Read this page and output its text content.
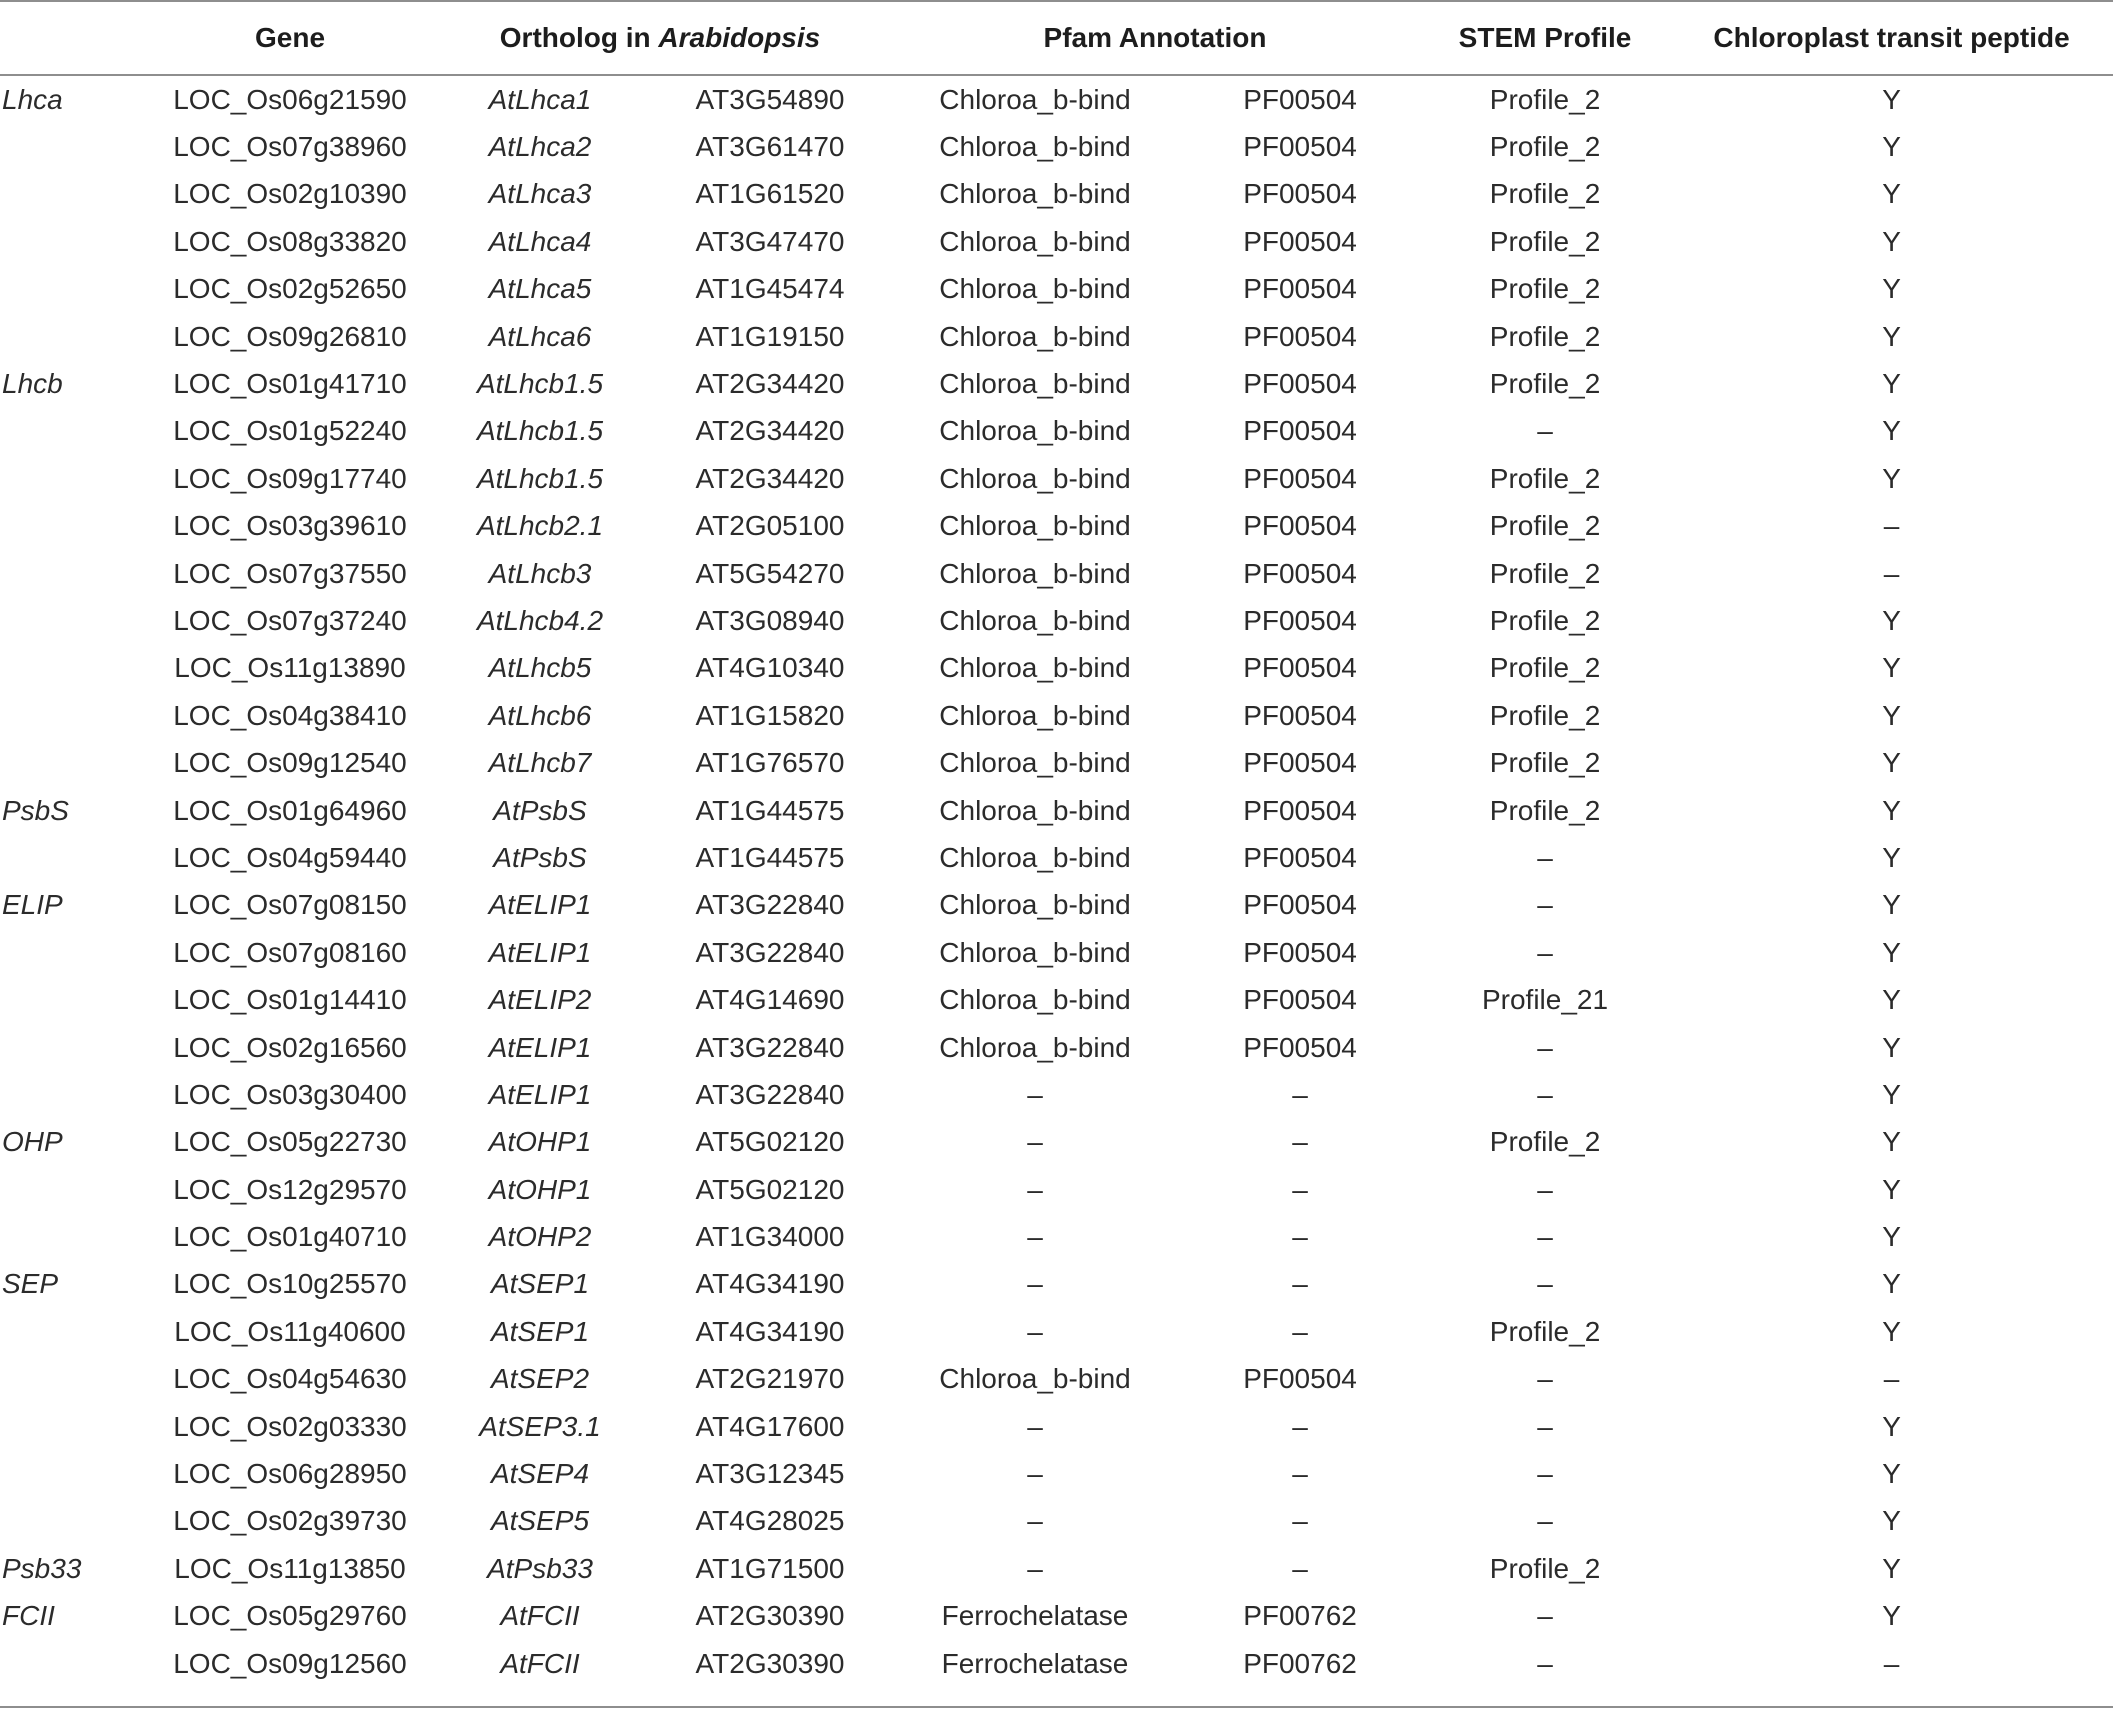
	Gene	Ortholog in Arabidopsis		Pfam Annotation		STEM Profile	Chloroplast transit peptide
Lhca	LOC_Os06g21590	AtLhca1	AT3G54890	Chloroa_b-bind	PF00504	Profile_2	Y
	LOC_Os07g38960	AtLhca2	AT3G61470	Chloroa_b-bind	PF00504	Profile_2	Y
	LOC_Os02g10390	AtLhca3	AT1G61520	Chloroa_b-bind	PF00504	Profile_2	Y
	LOC_Os08g33820	AtLhca4	AT3G47470	Chloroa_b-bind	PF00504	Profile_2	Y
	LOC_Os02g52650	AtLhca5	AT1G45474	Chloroa_b-bind	PF00504	Profile_2	Y
	LOC_Os09g26810	AtLhca6	AT1G19150	Chloroa_b-bind	PF00504	Profile_2	Y
Lhcb	LOC_Os01g41710	AtLhcb1.5	AT2G34420	Chloroa_b-bind	PF00504	Profile_2	Y
	LOC_Os01g52240	AtLhcb1.5	AT2G34420	Chloroa_b-bind	PF00504	–	Y
	LOC_Os09g17740	AtLhcb1.5	AT2G34420	Chloroa_b-bind	PF00504	Profile_2	Y
	LOC_Os03g39610	AtLhcb2.1	AT2G05100	Chloroa_b-bind	PF00504	Profile_2	–
	LOC_Os07g37550	AtLhcb3	AT5G54270	Chloroa_b-bind	PF00504	Profile_2	–
	LOC_Os07g37240	AtLhcb4.2	AT3G08940	Chloroa_b-bind	PF00504	Profile_2	Y
	LOC_Os11g13890	AtLhcb5	AT4G10340	Chloroa_b-bind	PF00504	Profile_2	Y
	LOC_Os04g38410	AtLhcb6	AT1G15820	Chloroa_b-bind	PF00504	Profile_2	Y
	LOC_Os09g12540	AtLhcb7	AT1G76570	Chloroa_b-bind	PF00504	Profile_2	Y
PsbS	LOC_Os01g64960	AtPsbS	AT1G44575	Chloroa_b-bind	PF00504	Profile_2	Y
	LOC_Os04g59440	AtPsbS	AT1G44575	Chloroa_b-bind	PF00504	–	Y
ELIP	LOC_Os07g08150	AtELIP1	AT3G22840	Chloroa_b-bind	PF00504	–	Y
	LOC_Os07g08160	AtELIP1	AT3G22840	Chloroa_b-bind	PF00504	–	Y
	LOC_Os01g14410	AtELIP2	AT4G14690	Chloroa_b-bind	PF00504	Profile_21	Y
	LOC_Os02g16560	AtELIP1	AT3G22840	Chloroa_b-bind	PF00504	–	Y
	LOC_Os03g30400	AtELIP1	AT3G22840	–	–	–	Y
OHP	LOC_Os05g22730	AtOHP1	AT5G02120	–	–	Profile_2	Y
	LOC_Os12g29570	AtOHP1	AT5G02120	–	–	–	Y
	LOC_Os01g40710	AtOHP2	AT1G34000	–	–	–	Y
SEP	LOC_Os10g25570	AtSEP1	AT4G34190	–	–	–	Y
	LOC_Os11g40600	AtSEP1	AT4G34190	–	–	Profile_2	Y
	LOC_Os04g54630	AtSEP2	AT2G21970	Chloroa_b-bind	PF00504	–	–
	LOC_Os02g03330	AtSEP3.1	AT4G17600	–	–	–	Y
	LOC_Os06g28950	AtSEP4	AT3G12345	–	–	–	Y
	LOC_Os02g39730	AtSEP5	AT4G28025	–	–	–	Y
Psb33	LOC_Os11g13850	AtPsb33	AT1G71500	–	–	Profile_2	Y
FCII	LOC_Os05g29760	AtFCII	AT2G30390	Ferrochelatase	PF00762	–	Y
	LOC_Os09g12560	AtFCII	AT2G30390	Ferrochelatase	PF00762	–	–
